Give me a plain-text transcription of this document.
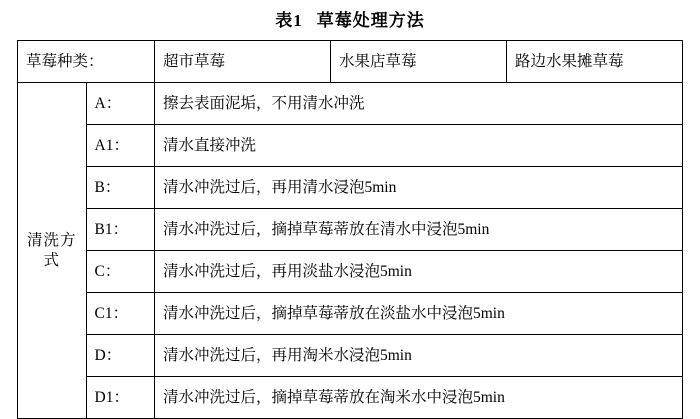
表1 草莓处理方法
草莓种类：		超市草莓	水果店草莓	路边水果摊草莓
清洗方式	A：	擦去表面泥垢，不用清水冲洗		
	A1：	清水直接冲洗		
	B：	清水冲洗过后，再用清水浸泡5min		
	B1：	清水冲洗过后，摘掉草莓蒂放在清水中浸泡5min		
	C：	清水冲洗过后，再用淡盐水浸泡5min		
	C1：	清水冲洗过后，摘掉草莓蒂放在淡盐水中浸泡5min		
	D：	清水冲洗过后，再用淘米水浸泡5min		
	D1：	清水冲洗过后，摘掉草莓蒂放在淘米水中浸泡5min		
